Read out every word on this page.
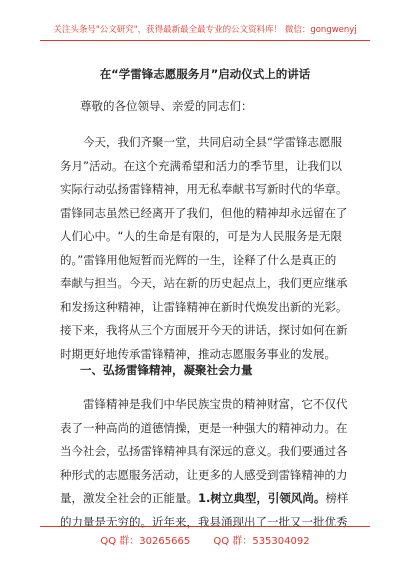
关注头条号"公文研究"，获得最新最全最专业的公文资料库！ 微信：gongwenyj
在“学雷锋志愿服务月”启动仪式上的讲话
尊敬的各位领导、亲爱的同志们：
今天，我们齐聚一堂，共同启动全县“学雷锋志愿服
务月”活动。在这个充满希望和活力的季节里，让我们以
实际行动弘扬雷锋精神，用无私奉献书写新时代的华章。
雷锋同志虽然已经离开了我们，但他的精神却永远留在了
人们心中。“人的生命是有限的，可是为人民服务是无限
的。”雷锋用他短暂而光辉的一生，诠释了什么是真正的
奉献与担当。今天，站在新的历史起点上，我们更应继承
和发扬这种精神，让雷锋精神在新时代焕发出新的光彩。
接下来，我将从三个方面展开今天的讲话，探讨如何在新
时期更好地传承雷锋精神，推动志愿服务事业的发展。
一、弘扬雷锋精神，凝聚社会力量
雷锋精神是我们中华民族宝贵的精神财富，它不仅代
表了一种高尚的道德情操，更是一种强大的精神动力。在
当今社会，弘扬雷锋精神具有深远的意义。我们要通过各
种形式的志愿服务活动，让更多的人感受到雷锋精神的力
量，激发全社会的正能量。1.树立典型，引领风尚。榜样
的力量是无穷的。近年来，我县涌现出了一批又一批优秀
QQ 群：30265665 QQ 群：535304092
